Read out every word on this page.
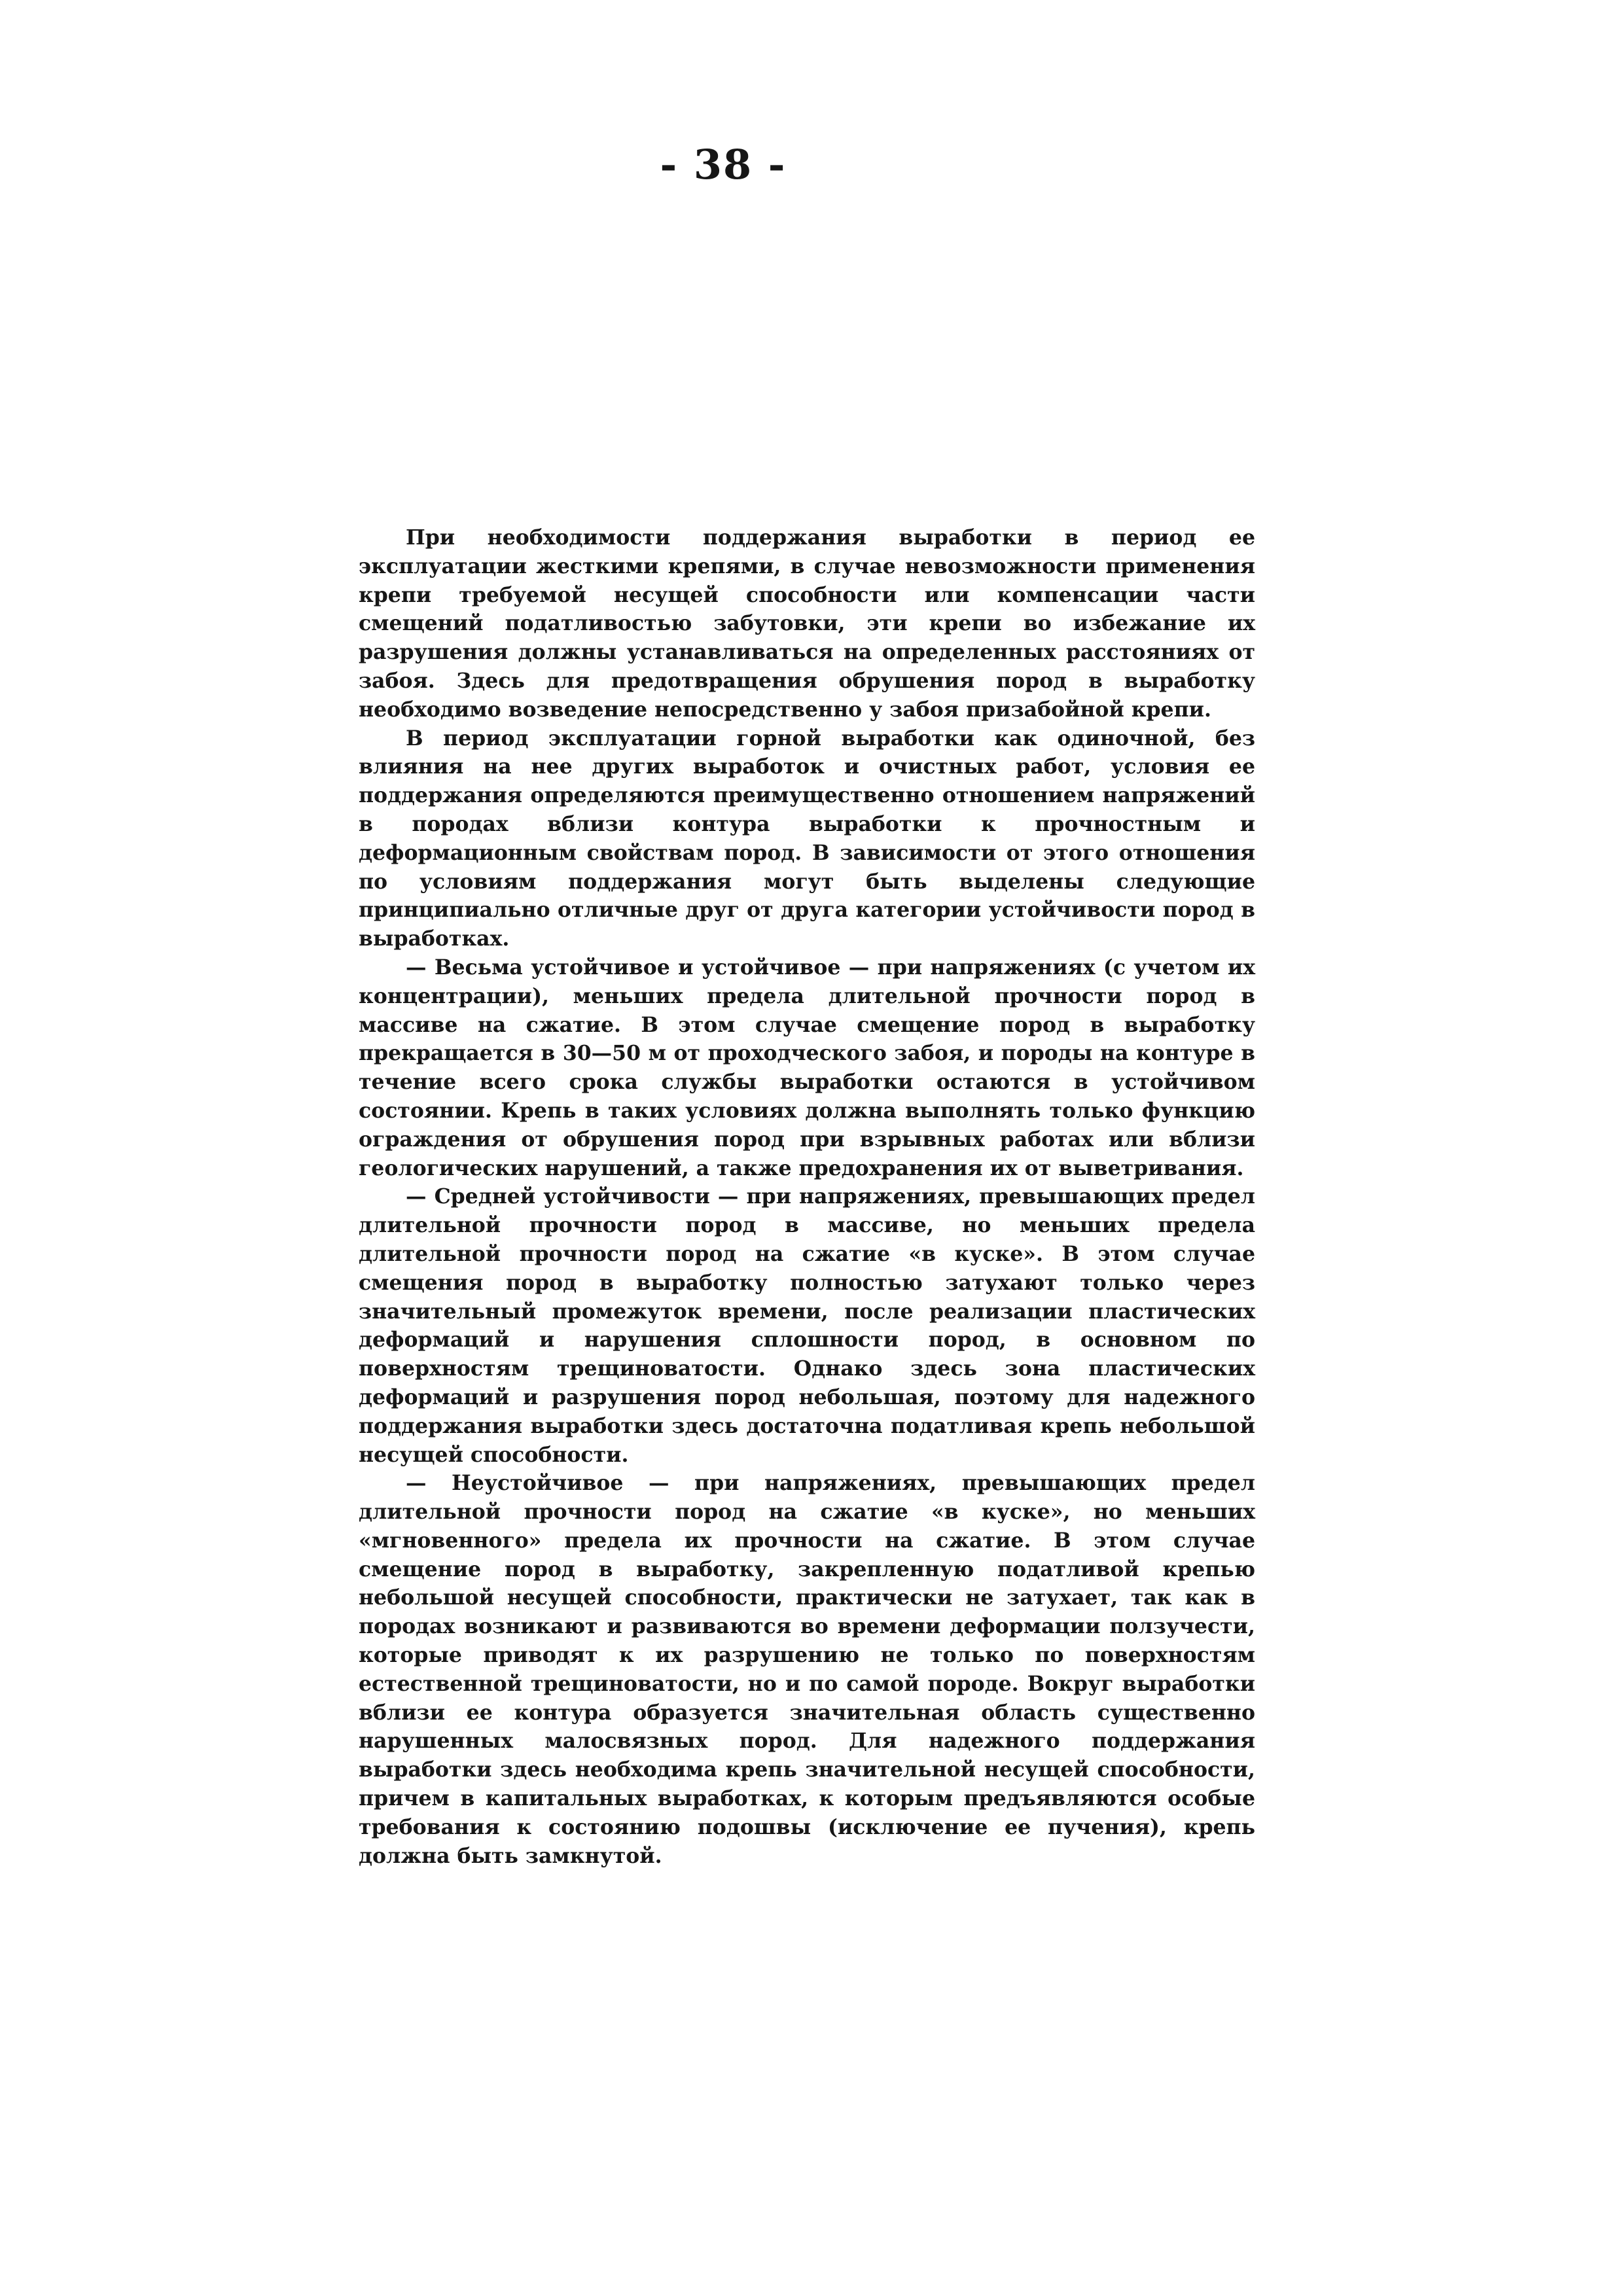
- 38 -

При необходимости поддержания выработки в период ее эксплуатации жесткими крепями, в случае невозможности применения крепи требуемой несущей способности или компенсации части смещений податливостью забутовки, эти крепи во избежание их разрушения должны устанавливаться на определенных расстояниях от забоя. Здесь для предотвращения обрушения пород в выработку необходимо возведение непосредственно у забоя призабойной крепи.

В период эксплуатации горной выработки как одиночной, без влияния на нее других выработок и очистных работ, условия ее поддержания определяются преимущественно отношением напряжений в породах вблизи контура выработки к прочностным и деформационным свойствам пород. В зависимости от этого отношения по условиям поддержания могут быть выделены следующие принципиально отличные друг от друга категории устойчивости пород в выработках.

— Весьма устойчивое и устойчивое — при напряжениях (с учетом их концентрации), меньших предела длительной прочности пород в массиве на сжатие. В этом случае смещение пород в выработку прекращается в 30—50 м от проходческого забоя, и породы на контуре в течение всего срока службы выработки остаются в устойчивом состоянии. Крепь в таких условиях должна выполнять только функцию ограждения от обрушения пород при взрывных работах или вблизи геологических нарушений, а также предохранения их от выветривания.

— Средней устойчивости — при напряжениях, превышающих предел длительной прочности пород в массиве, но меньших предела длительной прочности пород на сжатие «в куске». В этом случае смещения пород в выработку полностью затухают только через значительный промежуток времени, после реализации пластических деформаций и нарушения сплошности пород, в основном по поверхностям трещиноватости. Однако здесь зона пластических деформаций и разрушения пород небольшая, поэтому для надежного поддержания выработки здесь достаточна податливая крепь небольшой несущей способности.

— Неустойчивое — при напряжениях, превышающих предел длительной прочности пород на сжатие «в куске», но меньших «мгновенного» предела их прочности на сжатие. В этом случае смещение пород в выработку, закрепленную податливой крепью небольшой несущей способности, практически не затухает, так как в породах возникают и развиваются во времени деформации ползучести, которые приводят к их разрушению не только по поверхностям естественной трещиноватости, но и по самой породе. Вокруг выработки вблизи ее контура образуется значительная область существенно нарушенных малосвязных пород. Для надежного поддержания выработки здесь необходима крепь значительной несущей способности, причем в капитальных выработках, к которым предъявляются особые требования к состоянию подошвы (исключение ее пучения), крепь должна быть замкнутой.
